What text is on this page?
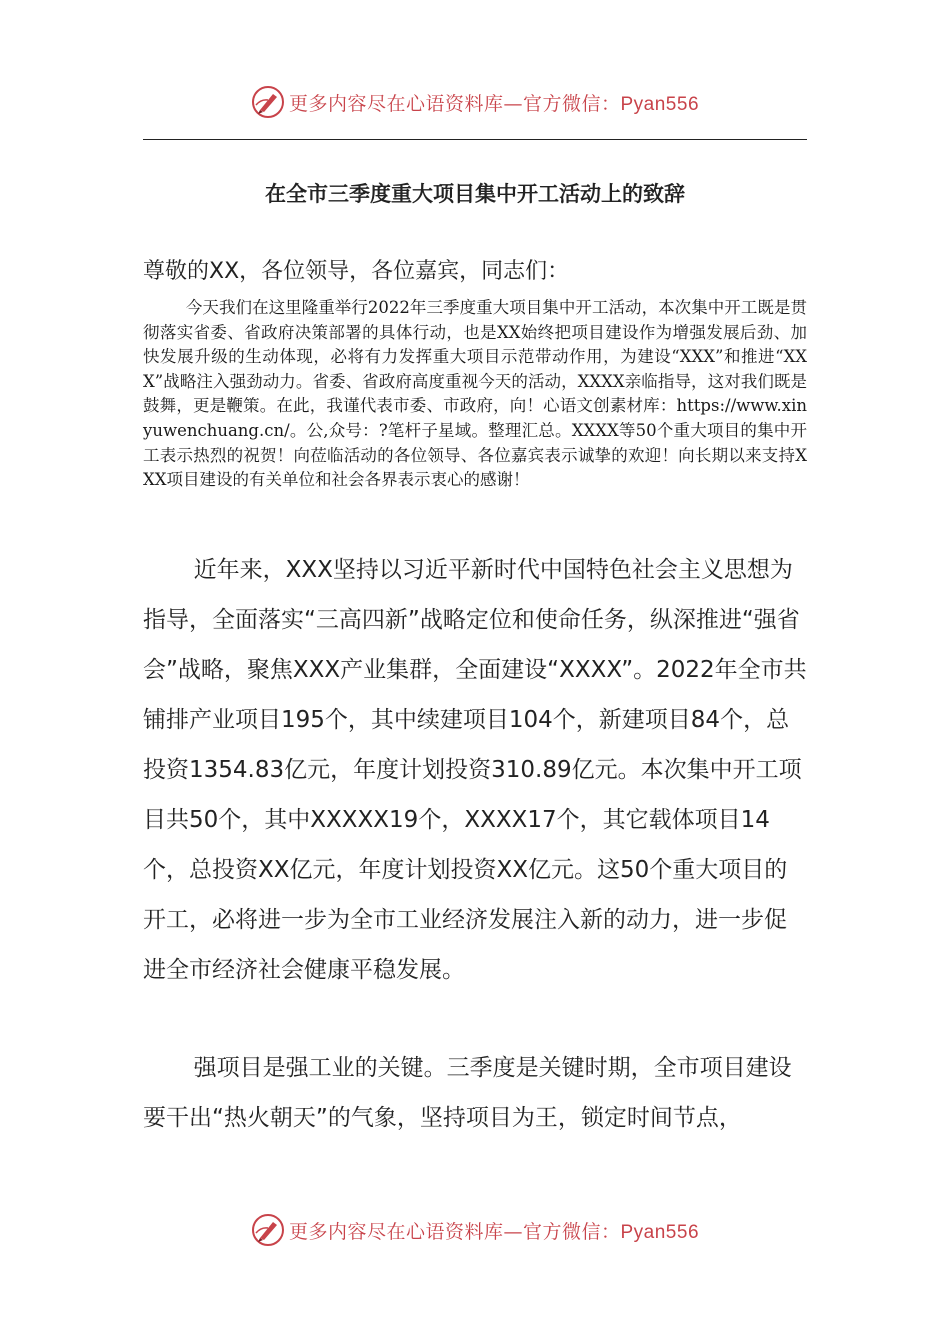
更多内容尽在心语资料库—官方微信：Pyan556
在全市三季度重大项目集中开工活动上的致辞
尊敬的XX，各位领导，各位嘉宾，同志们：

今天我们在这里隆重举行2022年三季度重大项目集中开工活动，本次集中开工既是贯彻落实省委、省政府决策部署的具体行动，也是XX始终把项目建设作为增强发展后劲、加快发展升级的生动体现，必将有力发挥重大项目示范带动作用，为建设“XXX”和推进“XXX”战略注入强劲动力。省委、省政府高度重视今天的活动，XXXX亲临指导，这对我们既是鼓舞，更是鞭策。在此，我谨代表市委、市政府，向！心语文创素材库：https://www.xinyuwenchuang.cn/。公,众号：?笔杆子星域。整理汇总。XXXX等50个重大项目的集中开工表示热烈的祝贺！向莅临活动的各位领导、各位嘉宾表示诚挚的欢迎！向长期以来支持XXX项目建设的有关单位和社会各界表示衷心的感谢！

近年来，XXX坚持以习近平新时代中国特色社会主义思想为指导，全面落实“三高四新”战略定位和使命任务，纵深推进“强省会”战略，聚焦XXX产业集群，全面建设“XXXX”。2022年全市共铺排产业项目195个，其中续建项目104个，新建项目84个，总投资1354.83亿元，年度计划投资310.89亿元。本次集中开工项目共50个，其中XXXXX19个，XXXX17个，其它载体项目14个，总投资XX亿元，年度计划投资XX亿元。这50个重大项目的开工，必将进一步为全市工业经济发展注入新的动力，进一步促进全市经济社会健康平稳发展。

强项目是强工业的关键。三季度是关键时期，全市项目建设要干出“热火朝天”的气象，坚持项目为王，锁定时间节点，

更多内容尽在心语资料库—官方微信：Pyan556
